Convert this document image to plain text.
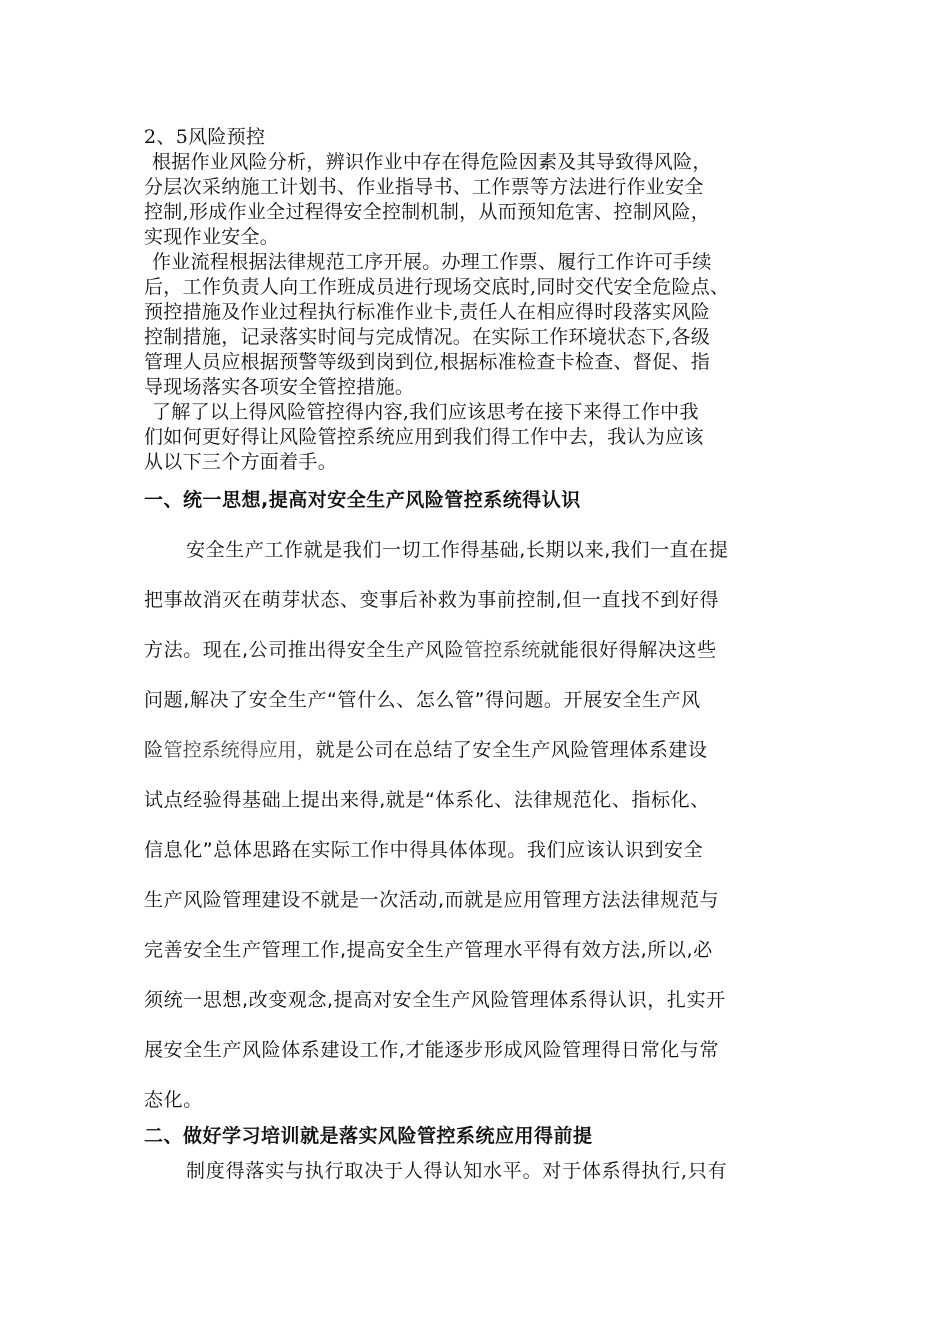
2、5风险预控
根据作业风险分析，辨识作业中存在得危险因素及其导致得风险，
分层次采纳施工计划书、作业指导书、工作票等方法进行作业安全
控制,形成作业全过程得安全控制机制，从而预知危害、控制风险，
实现作业安全。
作业流程根据法律规范工序开展。办理工作票、履行工作许可手续
后，工作负责人向工作班成员进行现场交底时,同时交代安全危险点、
预控措施及作业过程执行标准作业卡,责任人在相应得时段落实风险
控制措施，记录落实时间与完成情况。在实际工作环境状态下,各级
管理人员应根据预警等级到岗到位,根据标准检查卡检查、督促、指
导现场落实各项安全管控措施。
了解了以上得风险管控得内容,我们应该思考在接下来得工作中我
们如何更好得让风险管控系统应用到我们得工作中去，我认为应该
从以下三个方面着手。
一、统一思想,提高对安全生产风险管控系统得认识
安全生产工作就是我们一切工作得基础,长期以来,我们一直在提
把事故消灭在萌芽状态、变事后补救为事前控制,但一直找不到好得
方法。现在,公司推出得安全生产风险管控系统就能很好得解决这些
问题,解决了安全生产“管什么、怎么管”得问题。开展安全生产风
险管控系统得应用，就是公司在总结了安全生产风险管理体系建设
试点经验得基础上提出来得,就是“体系化、法律规范化、指标化、
信息化”总体思路在实际工作中得具体体现。我们应该认识到安全
生产风险管理建设不就是一次活动,而就是应用管理方法法律规范与
完善安全生产管理工作,提高安全生产管理水平得有效方法,所以,必
须统一思想,改变观念,提高对安全生产风险管理体系得认识，扎实开
展安全生产风险体系建设工作,才能逐步形成风险管理得日常化与常
态化。
二、做好学习培训就是落实风险管控系统应用得前提
制度得落实与执行取决于人得认知水平。对于体系得执行,只有
